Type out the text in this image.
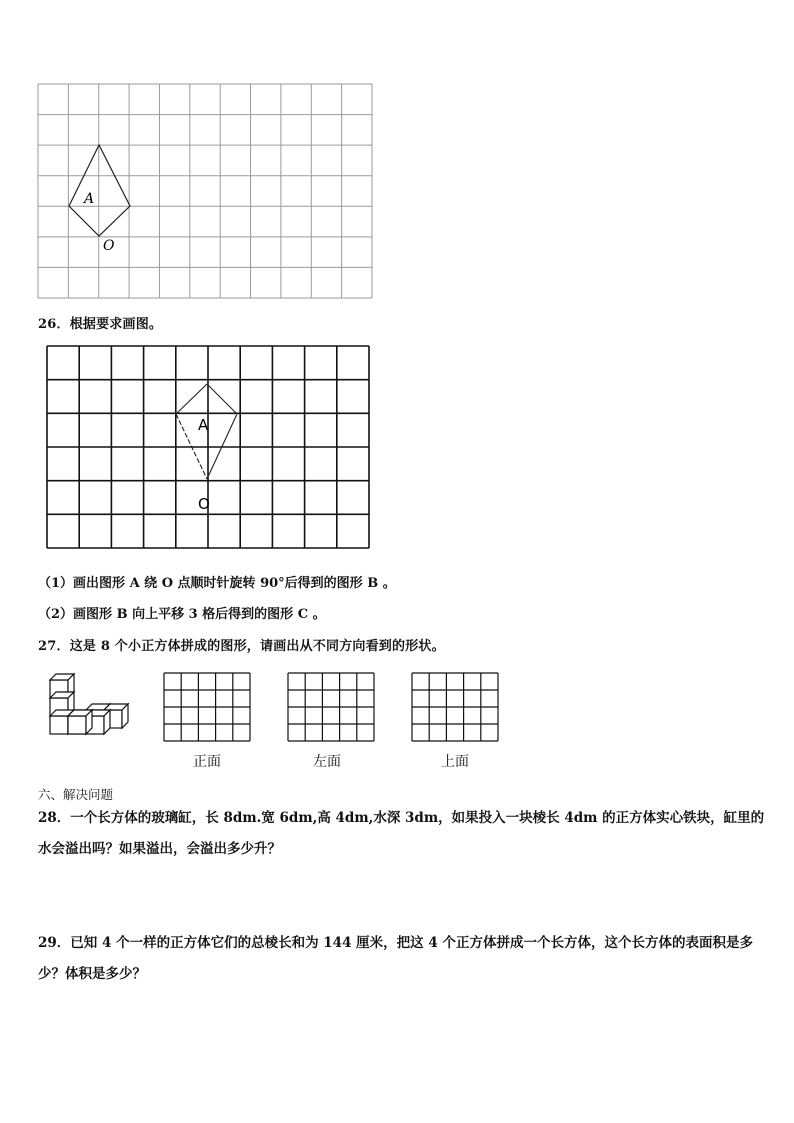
A
O
26．根据要求画图。
A
O
（1）画出图形 A 绕 O 点顺时针旋转 90°后得到的图形 B 。
（2）画图形 B 向上平移 3 格后得到的图形 C 。
27．这是 8 个小正方体拼成的图形，请画出从不同方向看到的形状。
正面	左面	上面
六、解决问题
28．一个长方体的玻璃缸，长 8dm.宽 6dm,高 4dm,水深 3dm，如果投入一块棱长 4dm 的正方体实心铁块，缸里的水会溢出吗？如果溢出，会溢出多少升？
29．已知 4 个一样的正方体它们的总棱长和为 144 厘米，把这 4 个正方体拼成一个长方体，这个长方体的表面积是多少？体积是多少？
